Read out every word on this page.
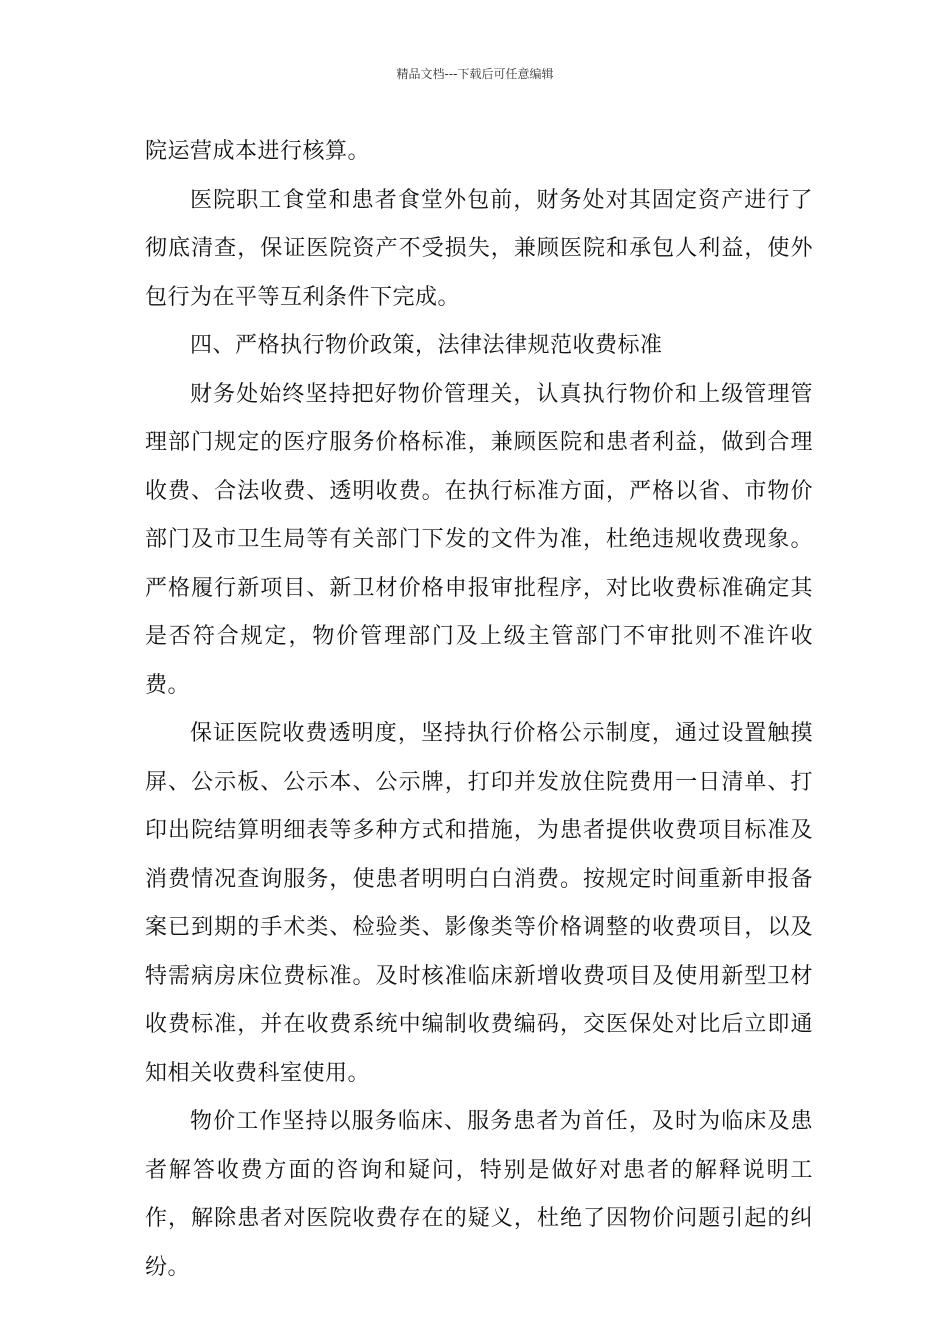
精品文档---下载后可任意编辑

院运营成本进行核算。

医院职工食堂和患者食堂外包前，财务处对其固定资产进行了彻底清查，保证医院资产不受损失，兼顾医院和承包人利益，使外包行为在平等互利条件下完成。

四、严格执行物价政策，法律法律规范收费标准

财务处始终坚持把好物价管理关，认真执行物价和上级管理管理部门规定的医疗服务价格标准，兼顾医院和患者利益，做到合理收费、合法收费、透明收费。在执行标准方面，严格以省、市物价部门及市卫生局等有关部门下发的文件为准，杜绝违规收费现象。严格履行新项目、新卫材价格申报审批程序，对比收费标准确定其是否符合规定，物价管理部门及上级主管部门不审批则不准许收费。

保证医院收费透明度，坚持执行价格公示制度，通过设置触摸屏、公示板、公示本、公示牌，打印并发放住院费用一日清单、打印出院结算明细表等多种方式和措施，为患者提供收费项目标准及消费情况查询服务，使患者明明白白消费。按规定时间重新申报备案已到期的手术类、检验类、影像类等价格调整的收费项目，以及特需病房床位费标准。及时核准临床新增收费项目及使用新型卫材收费标准，并在收费系统中编制收费编码，交医保处对比后立即通知相关收费科室使用。

物价工作坚持以服务临床、服务患者为首任，及时为临床及患者解答收费方面的咨询和疑问，特别是做好对患者的解释说明工作，解除患者对医院收费存在的疑义，杜绝了因物价问题引起的纠纷。
